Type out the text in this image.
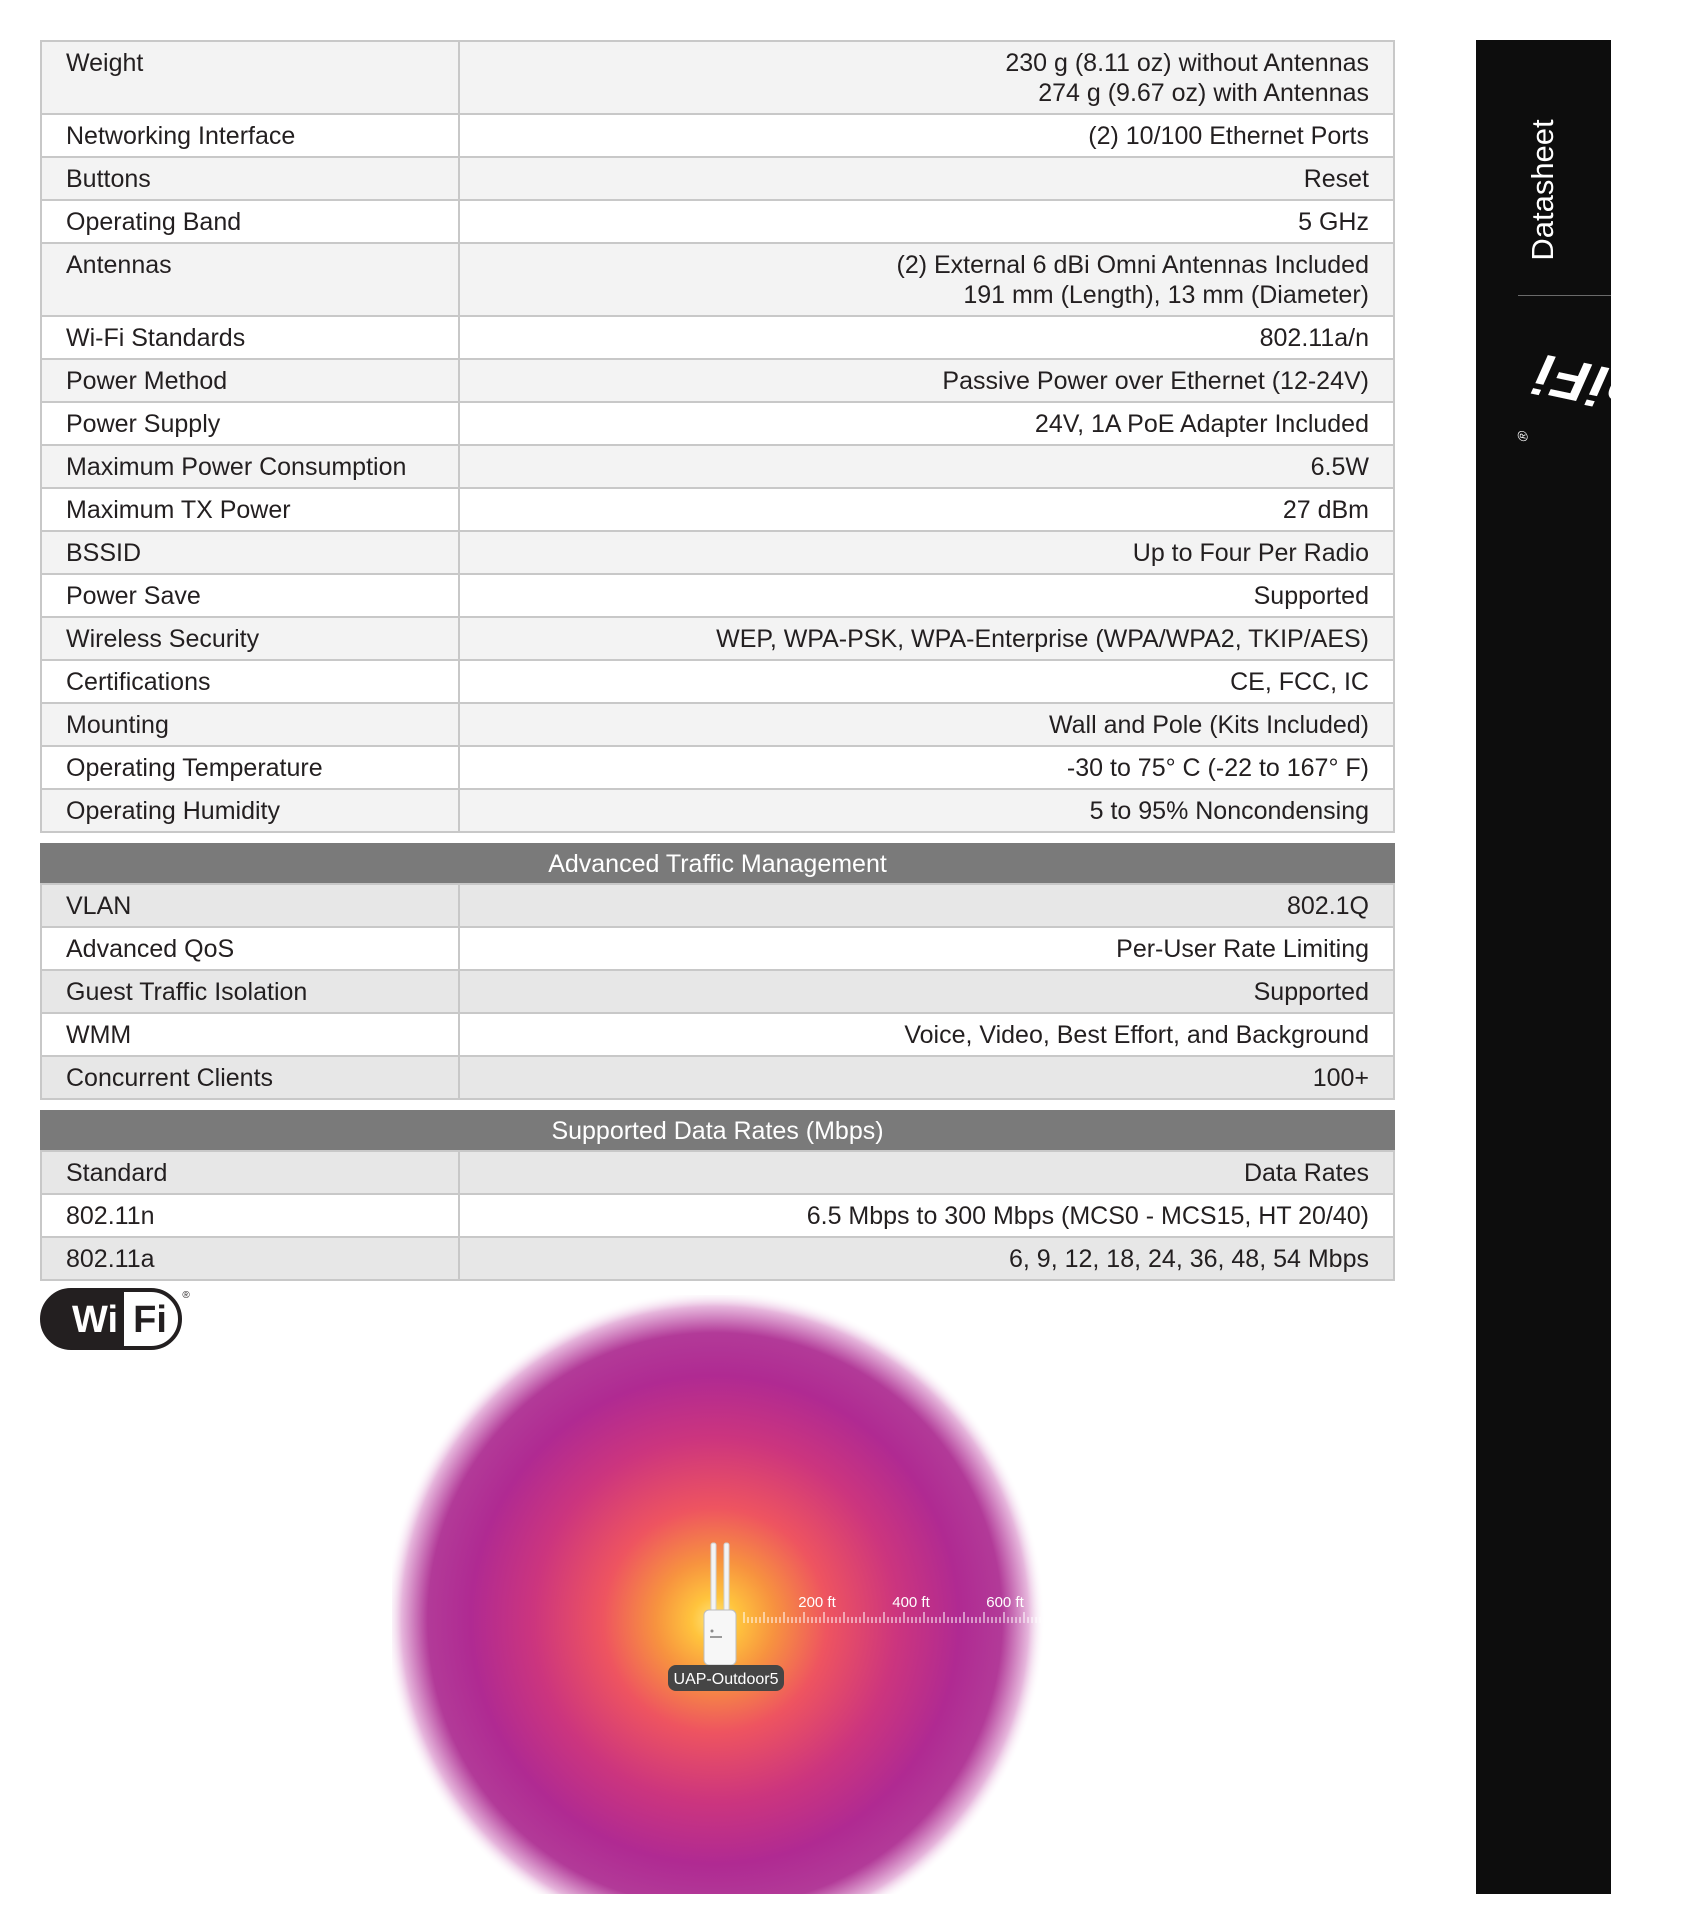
Weight	230 g (8.11 oz) without Antennas
274 g (9.67 oz) with Antennas
Networking Interface	(2) 10/100 Ethernet Ports
Buttons	Reset
Operating Band	5 GHz
Antennas	(2) External 6 dBi Omni Antennas Included
191 mm (Length), 13 mm (Diameter)
Wi-Fi Standards	802.11a/n
Power Method	Passive Power over Ethernet (12-24V)
Power Supply	24V, 1A PoE Adapter Included
Maximum Power Consumption	6.5W
Maximum TX Power	27 dBm
BSSID	Up to Four Per Radio
Power Save	Supported
Wireless Security	WEP, WPA-PSK, WPA-Enterprise (WPA/WPA2, TKIP/AES)
Certifications	CE, FCC, IC
Mounting	Wall and Pole (Kits Included)
Operating Temperature	-30 to 75° C (-22 to 167° F)
Operating Humidity	5 to 95% Noncondensing
Advanced Traffic Management
VLAN	802.1Q
Advanced QoS	Per-User Rate Limiting
Guest Traffic Isolation	Supported
WMM	Voice, Video, Best Effort, and Background
Concurrent Clients	100+
Supported Data Rates (Mbps)
Standard	Data Rates
802.11n	6.5 Mbps to 300 Mbps (MCS0 - MCS15, HT 20/40)
802.11a	6, 9, 12, 18, 24, 36, 48, 54 Mbps
Datasheet
UniFi
®
Wi Fi
®
UAP-Outdoor5
200 ft	400 ft	600 ft
